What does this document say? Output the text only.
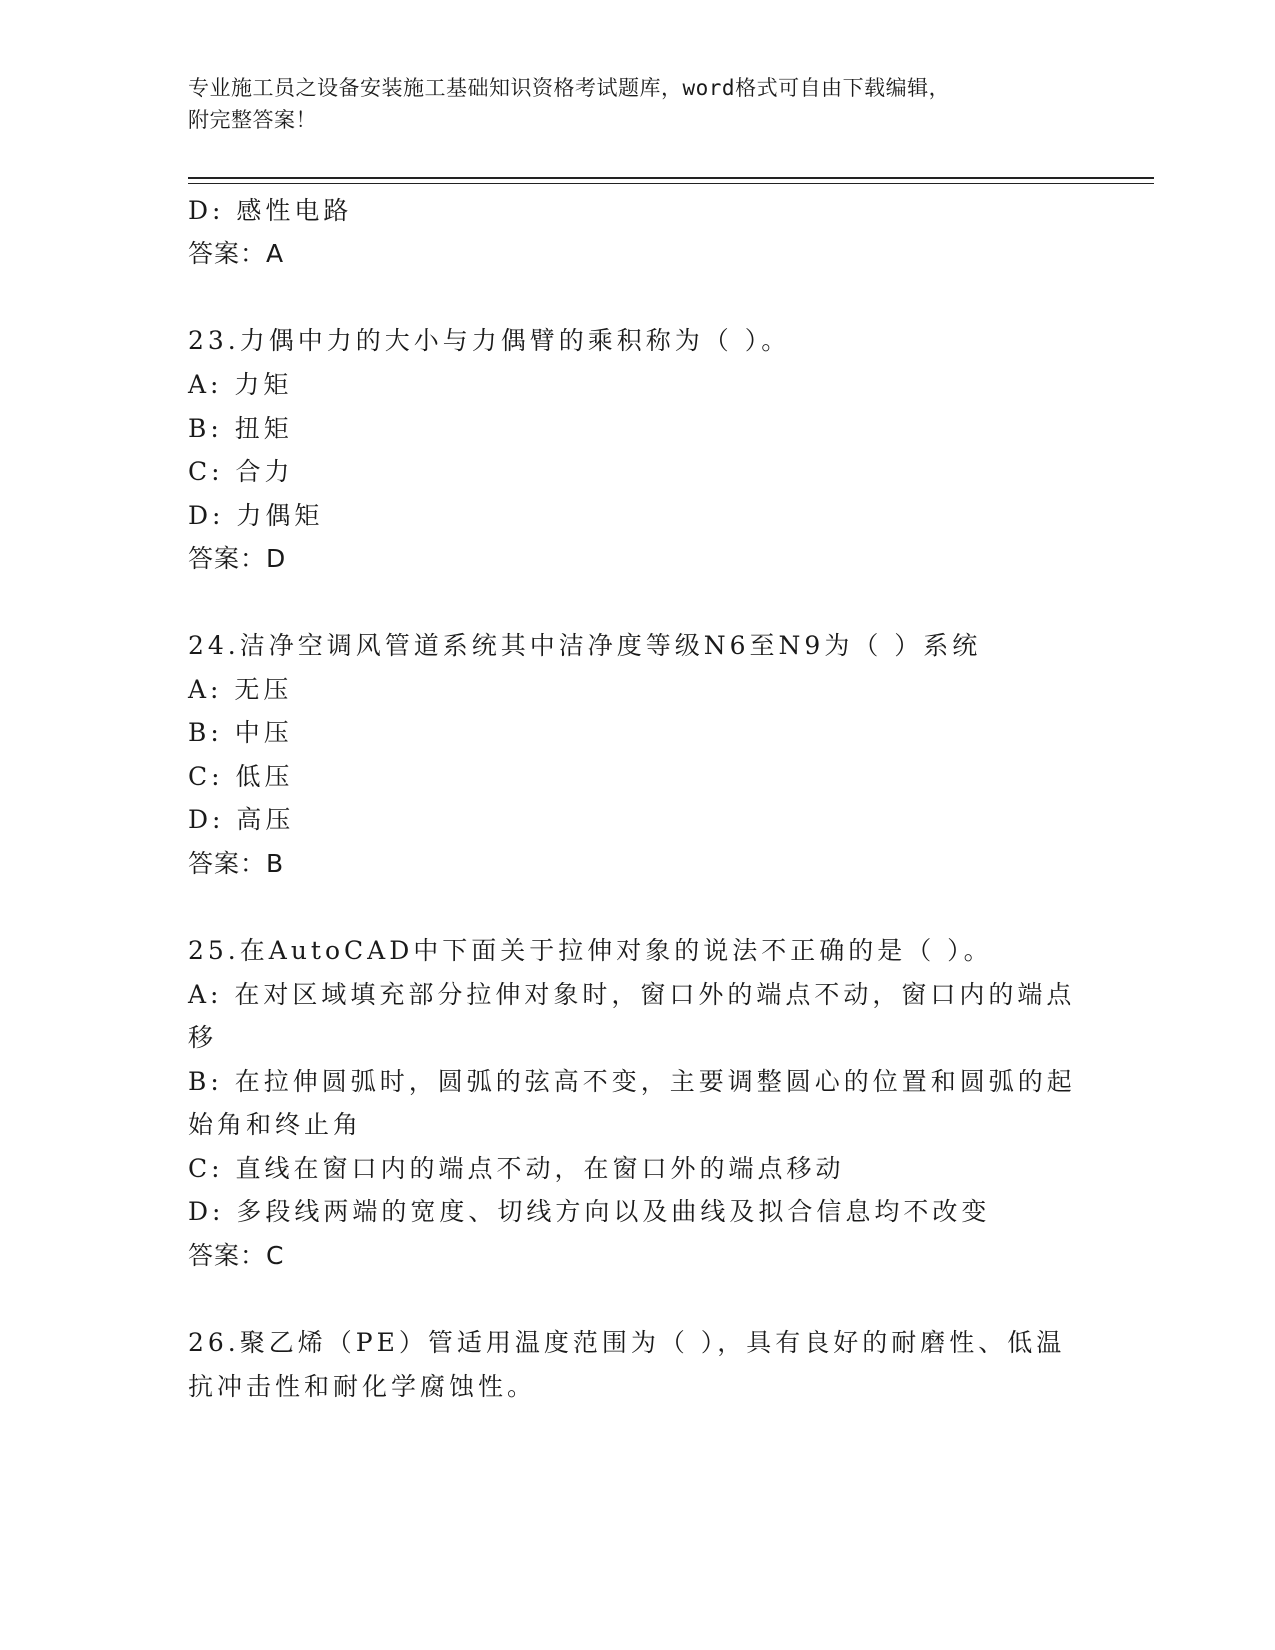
专业施工员之设备安装施工基础知识资格考试题库，word格式可自由下载编辑，
附完整答案！
D: 感性电路
答案：A
23.力偶中力的大小与力偶臂的乘积称为（ ）。
A: 力矩
B: 扭矩
C: 合力
D: 力偶矩
答案：D
24.洁净空调风管道系统其中洁净度等级N6至N9为（ ）系统
A: 无压
B: 中压
C: 低压
D: 高压
答案：B
25.在AutoCAD中下面关于拉伸对象的说法不正确的是（ ）。
A: 在对区域填充部分拉伸对象时，窗口外的端点不动，窗口内的端点
移
B: 在拉伸圆弧时，圆弧的弦高不变，主要调整圆心的位置和圆弧的起
始角和终止角
C: 直线在窗口内的端点不动，在窗口外的端点移动
D: 多段线两端的宽度、切线方向以及曲线及拟合信息均不改变
答案：C
26.聚乙烯（PE）管适用温度范围为（ ），具有良好的耐磨性、低温
抗冲击性和耐化学腐蚀性。
